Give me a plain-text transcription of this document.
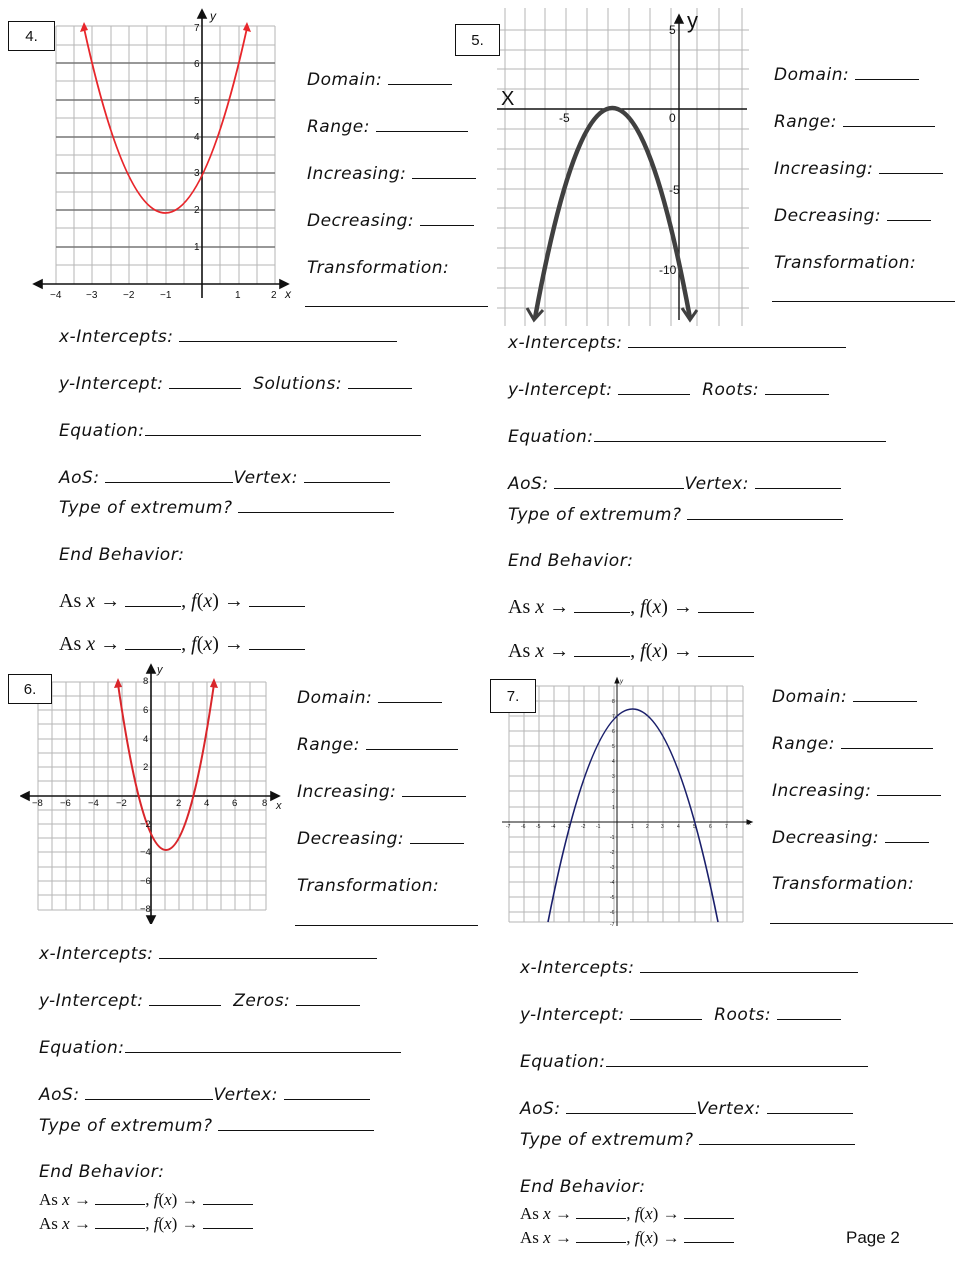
4.
−4 −3	−2	−1	1	2
1
2
3
4
5
6
7
x
y
Domain:
Range:
Increasing:
Decreasing:
Transformation:
x-Intercepts:
y-Intercept:	Solutions:
Equation:
AoS:	Vertex:
Type of extremum?
End Behavior:
As x →	, f(x) →
As x →	, f(x) →
-5	0
5
-5
-10
X
y
5.
Domain:
Range:
Increasing:
Decreasing:
Transformation:
x-Intercepts:
y-Intercept:	Roots:
Equation:
AoS:	Vertex:
Type of extremum?
End Behavior:
As x →	, f(x) →
As x →	, f(x) →
−8 −6 −4 −2	2 4 6	8
8
6
4
2
−2
−4
−6
−8
x
y
6.	Domain:
Range:
Increasing:
Decreasing:
Transformation:
x-Intercepts:
y-Intercept:	Zeros:
Equation:
AoS:	Vertex:
Type of extremum?
End Behavior:
As x →	, f(x) →
As x →	, f(x) →
-7 -6 -5 -4 -3 -2 -1	1 2 3	4	5	6	7
8
7
6
5
4
3
2
1
-1
-2
-3
-4
-5
-6
-7
x
y
7.	Domain:
Range:
Increasing:
Decreasing:
Transformation:
x-Intercepts:
y-Intercept:	Roots:
Equation:
AoS:	Vertex:
Type of extremum?
End Behavior:
As x →	, f(x) →
As x →	, f(x) →	Page 2
